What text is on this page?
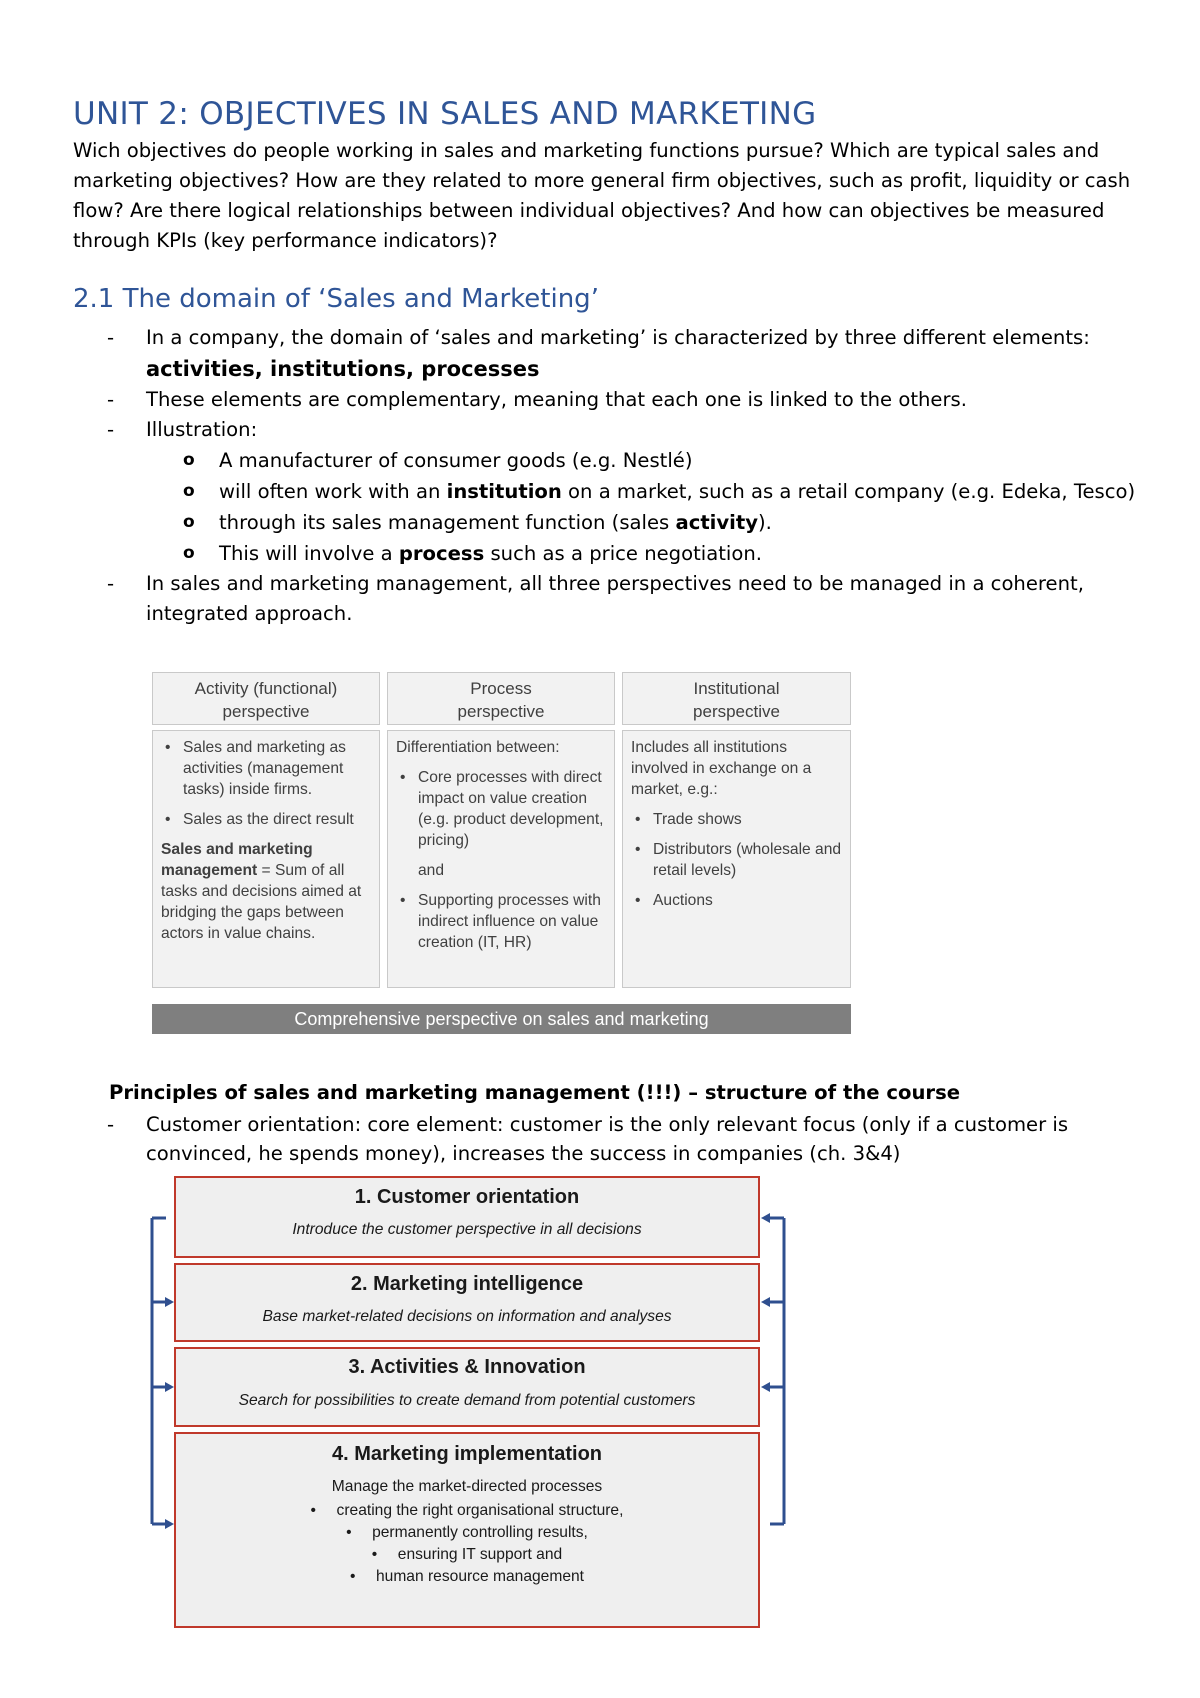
UNIT 2: OBJECTIVES IN SALES AND MARKETING
Wich objectives do people working in sales and marketing functions pursue? Which are typical sales and marketing objectives? How are they related to more general firm objectives, such as profit, liquidity or cash flow? Are there logical relationships between individual objectives? And how can objectives be measured through KPIs (key performance indicators)?
2.1 The domain of ‘Sales and Marketing’
- In a company, the domain of ‘sales and marketing’ is characterized by three different elements:
activities, institutions, processes
- These elements are complementary, meaning that each one is linked to the others.
- Illustration:
o A manufacturer of consumer goods (e.g. Nestlé)
o will often work with an institution on a market, such as a retail company (e.g. Edeka, Tesco)
o through its sales management function (sales activity).
o This will involve a process such as a price negotiation.
- In sales and marketing management, all three perspectives need to be managed in a coherent, integrated approach.
Activity (functional)
perspective
Process
perspective
Institutional
perspective
• Sales and marketing as activities (management tasks) inside firms.
• Sales as the direct result
Sales and marketing management = Sum of all tasks and decisions aimed at bridging the gaps between actors in value chains.
Differentiation between:
• Core processes with direct impact on value creation (e.g. product development, pricing)
and
• Supporting processes with indirect influence on value creation (IT, HR)
Includes all institutions involved in exchange on a market, e.g.:
• Trade shows
• Distributors (wholesale and retail levels)
• Auctions
Comprehensive perspective on sales and marketing
Principles of sales and marketing management (!!!) – structure of the course
- Customer orientation: core element: customer is the only relevant focus (only if a customer is convinced, he spends money), increases the success in companies (ch. 3&4)
1. Customer orientation
Introduce the customer perspective in all decisions
2. Marketing intelligence
Base market-related decisions on information and analyses
3. Activities & Innovation
Search for possibilities to create demand from potential customers
4. Marketing implementation
Manage the market-directed processes
• creating the right organisational structure,
• permanently controlling results,
• ensuring IT support and
• human resource management
